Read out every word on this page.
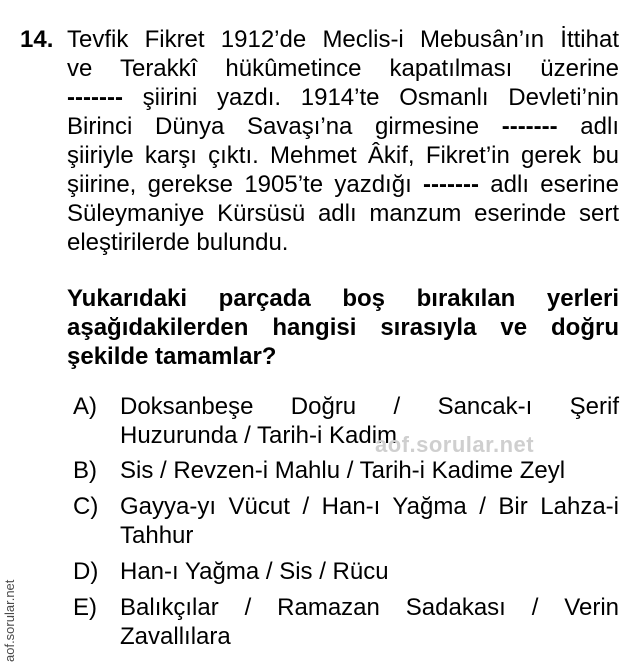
14. Tevfik Fikret 1912’de Meclis-i Mebusân’ın İttihat
ve Terakkî hükûmetince kapatılması üzerine
------- şiirini yazdı. 1914’te Osmanlı Devleti’nin
Birinci Dünya Savaşı’na girmesine ------- adlı
şiiriyle karşı çıktı. Mehmet Âkif, Fikret’in gerek bu
şiirine, gerekse 1905’te yazdığı ------- adlı eserine
Süleymaniye Kürsüsü adlı manzum eserinde sert
eleştirilerde bulundu.
Yukarıdaki parçada boş bırakılan yerleri
aşağıdakilerden hangisi sırasıyla ve doğru
şekilde tamamlar?
A) Doksanbeşe Doğru / Sancak-ı Şerif
Huzurunda / Tarih-i Kadim
B) Sis / Revzen-i Mahlu / Tarih-i Kadime Zeyl
C) Gayya-yı Vücut / Han-ı Yağma / Bir Lahza-i
Tahhur
D) Han-ı Yağma / Sis / Rücu
E) Balıkçılar / Ramazan Sadakası / Verin
Zavallılara
aof.sorular.net
aof.sorular.net
